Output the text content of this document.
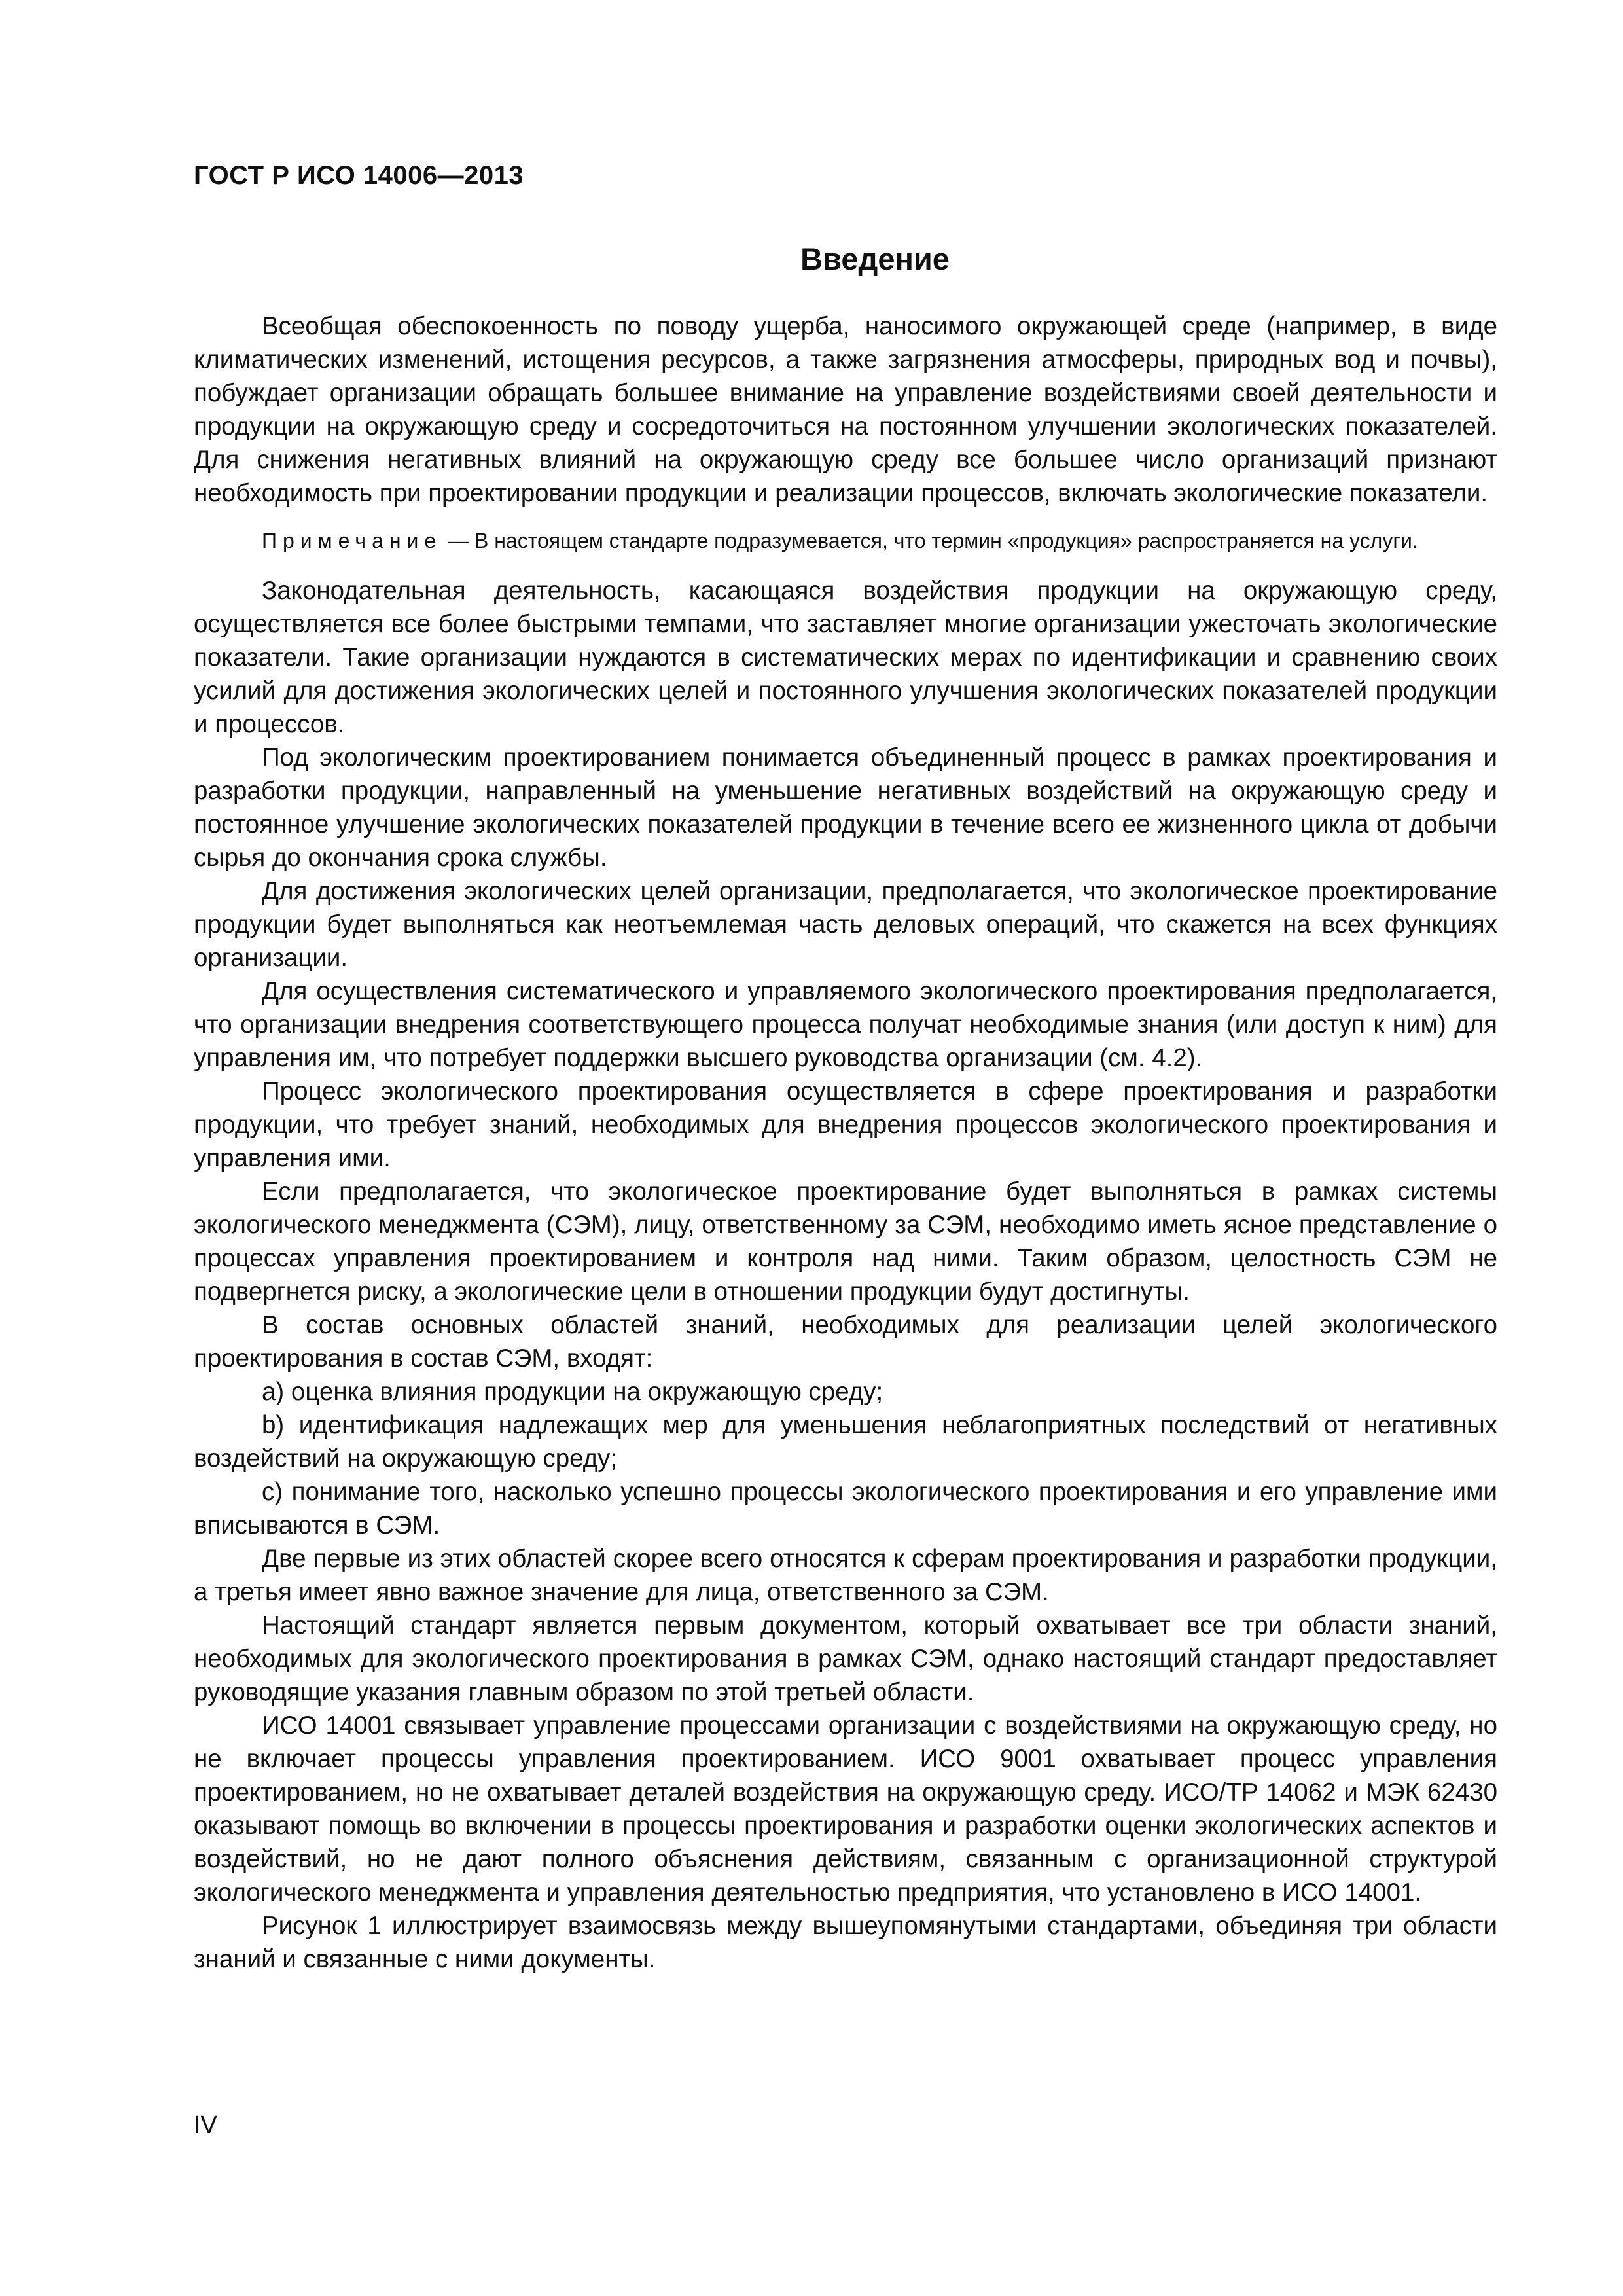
ГОСТ Р ИСО 14006—2013
Введение

Всеобщая обеспокоенность по поводу ущерба, наносимого окружающей среде (например, в виде климатических изменений, истощения ресурсов, а также загрязнения атмосферы, природных вод и почвы), побуждает организации обращать большее внимание на управление воздействиями своей деятельности и продукции на окружающую среду и сосредоточиться на постоянном улучшении экологических показателей. Для снижения негативных влияний на окружающую среду все большее число организаций признают необходимость при проектировании продукции и реализации процессов, включать экологические показатели.

Примечание — В настоящем стандарте подразумевается, что термин «продукция» распространяется на услуги.

Законодательная деятельность, касающаяся воздействия продукции на окружающую среду, осуществляется все более быстрыми темпами, что заставляет многие организации ужесточать экологические показатели. Такие организации нуждаются в систематических мерах по идентификации и сравнению своих усилий для достижения экологических целей и постоянного улучшения экологических показателей продукции и процессов.

Под экологическим проектированием понимается объединенный процесс в рамках проектирования и разработки продукции, направленный на уменьшение негативных воздействий на окружающую среду и постоянное улучшение экологических показателей продукции в течение всего ее жизненного цикла от добычи сырья до окончания срока службы.

Для достижения экологических целей организации, предполагается, что экологическое проектирование продукции будет выполняться как неотъемлемая часть деловых операций, что скажется на всех функциях организации.

Для осуществления систематического и управляемого экологического проектирования предполагается, что организации внедрения соответствующего процесса получат необходимые знания (или доступ к ним) для управления им, что потребует поддержки высшего руководства организации (см. 4.2).

Процесс экологического проектирования осуществляется в сфере проектирования и разработки продукции, что требует знаний, необходимых для внедрения процессов экологического проектирования и управления ими.

Если предполагается, что экологическое проектирование будет выполняться в рамках системы экологического менеджмента (СЭМ), лицу, ответственному за СЭМ, необходимо иметь ясное представление о процессах управления проектированием и контроля над ними. Таким образом, целостность СЭМ не подвергнется риску, а экологические цели в отношении продукции будут достигнуты.

В состав основных областей знаний, необходимых для реализации целей экологического проектирования в состав СЭМ, входят:

a) оценка влияния продукции на окружающую среду;

b) идентификация надлежащих мер для уменьшения неблагоприятных последствий от негативных воздействий на окружающую среду;

c) понимание того, насколько успешно процессы экологического проектирования и его управление ими вписываются в СЭМ.

Две первые из этих областей скорее всего относятся к сферам проектирования и разработки продукции, а третья имеет явно важное значение для лица, ответственного за СЭМ.

Настоящий стандарт является первым документом, который охватывает все три области знаний, необходимых для экологического проектирования в рамках СЭМ, однако настоящий стандарт предоставляет руководящие указания главным образом по этой третьей области.

ИСО 14001 связывает управление процессами организации с воздействиями на окружающую среду, но не включает процессы управления проектированием. ИСО 9001 охватывает процесс управления проектированием, но не охватывает деталей воздействия на окружающую среду. ИСО/ТР 14062 и МЭК 62430 оказывают помощь во включении в процессы проектирования и разработки оценки экологических аспектов и воздействий, но не дают полного объяснения действиям, связанным с организационной структурой экологического менеджмента и управления деятельностью предприятия, что установлено в ИСО 14001.

Рисунок 1 иллюстрирует взаимосвязь между вышеупомянутыми стандартами, объединяя три области знаний и связанные с ними документы.

IV
